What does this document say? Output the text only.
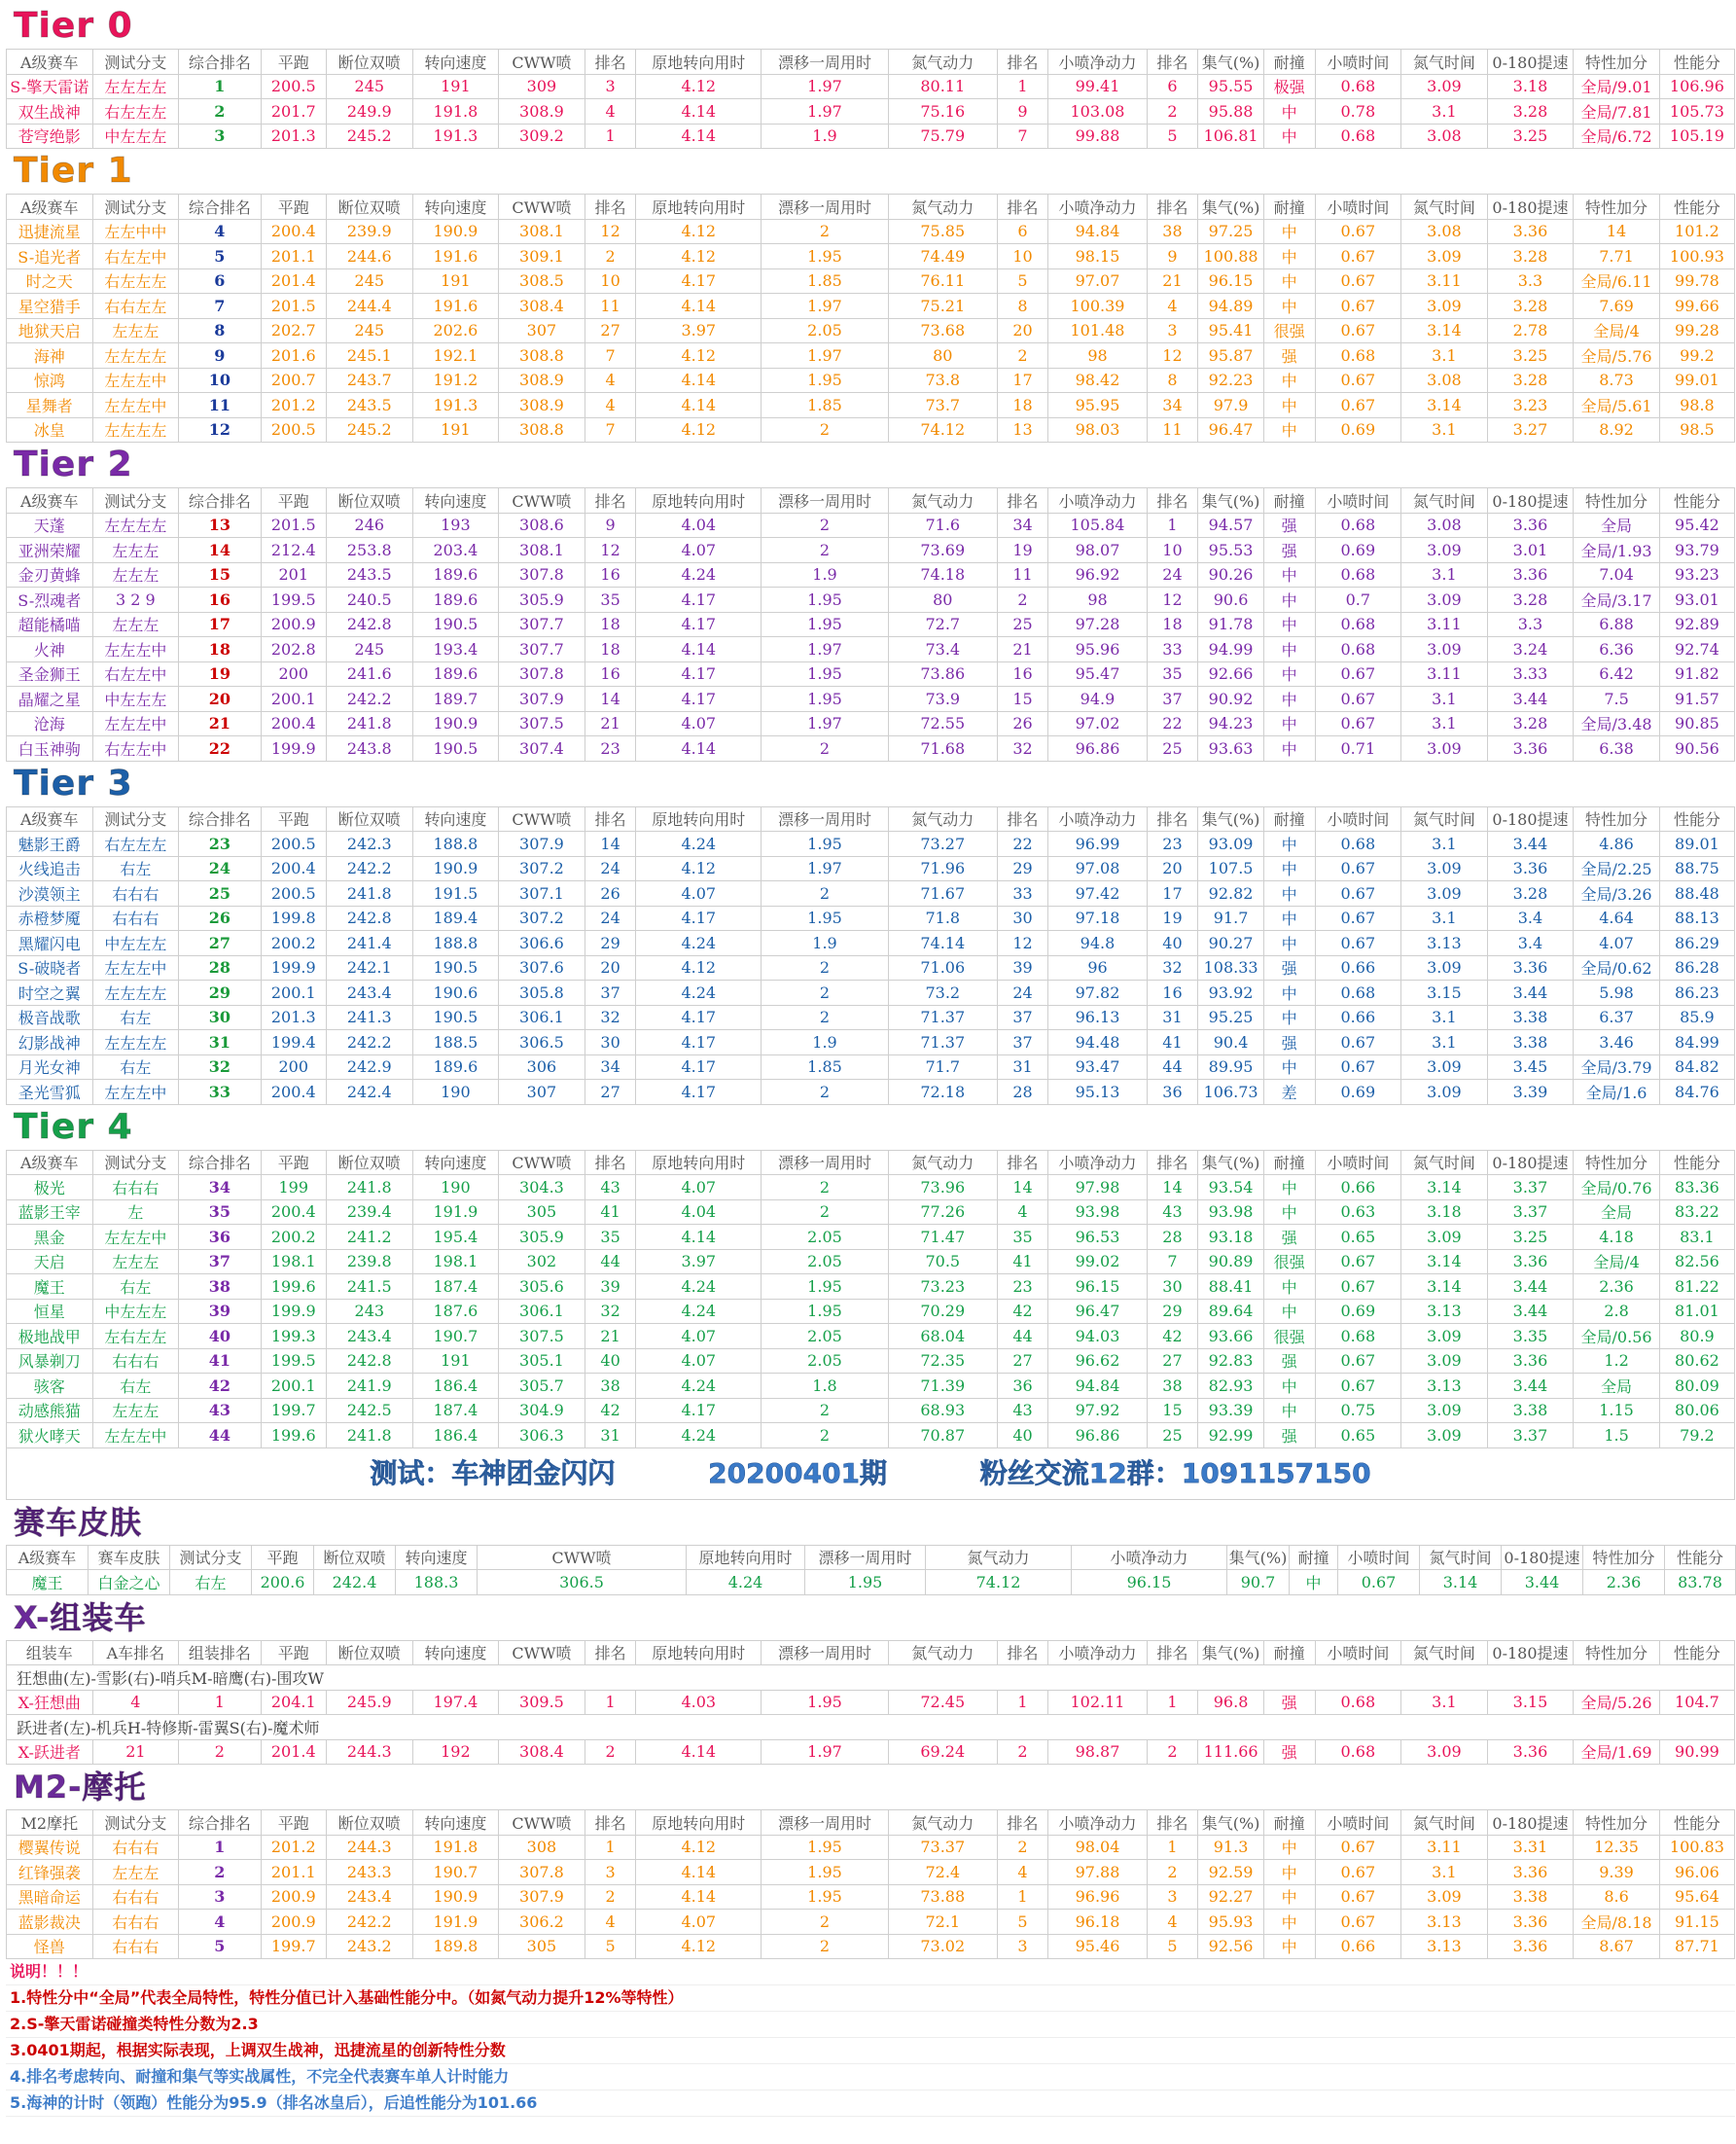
Tier 0
A级赛车	测试分支	综合排名	平跑	断位双喷	转向速度	CWW喷	排名	原地转向用时	漂移一周用时	氮气动力	排名	小喷净动力	排名	集气(%)	耐撞	小喷时间	氮气时间	0-180提速	特性加分	性能分
S-擎天雷诺	左左左左	1	200.5	245	191	309	3	4.12	1.97	80.11	1	99.41	6	95.55	极强	0.68	3.09	3.18	全局/9.01	106.96
双生战神	右左左左	2	201.7	249.9	191.8	308.9	4	4.14	1.97	75.16	9	103.08	2	95.88	中	0.78	3.1	3.28	全局/7.81	105.73
苍穹绝影	中左左左	3	201.3	245.2	191.3	309.2	1	4.14	1.9	75.79	7	99.88	5	106.81	中	0.68	3.08	3.25	全局/6.72	105.19
Tier 1
A级赛车	测试分支	综合排名	平跑	断位双喷	转向速度	CWW喷	排名	原地转向用时	漂移一周用时	氮气动力	排名	小喷净动力	排名	集气(%)	耐撞	小喷时间	氮气时间	0-180提速	特性加分	性能分
迅捷流星	左左中中	4	200.4	239.9	190.9	308.1	12	4.12	2	75.85	6	94.84	38	97.25	中	0.67	3.08	3.36	14	101.2
S-追光者	右左左中	5	201.1	244.6	191.6	309.1	2	4.12	1.95	74.49	10	98.15	9	100.88	中	0.67	3.09	3.28	7.71	100.93
时之天	右左左左	6	201.4	245	191	308.5	10	4.17	1.85	76.11	5	97.07	21	96.15	中	0.67	3.11	3.3	全局/6.11	99.78
星空猎手	右右左左	7	201.5	244.4	191.6	308.4	11	4.14	1.97	75.21	8	100.39	4	94.89	中	0.67	3.09	3.28	7.69	99.66
地狱天启	左左左	8	202.7	245	202.6	307	27	3.97	2.05	73.68	20	101.48	3	95.41	很强	0.67	3.14	2.78	全局/4	99.28
海神	左左左左	9	201.6	245.1	192.1	308.8	7	4.12	1.97	80	2	98	12	95.87	强	0.68	3.1	3.25	全局/5.76	99.2
惊鸿	左左左中	10	200.7	243.7	191.2	308.9	4	4.14	1.95	73.8	17	98.42	8	92.23	中	0.67	3.08	3.28	8.73	99.01
星舞者	左左左中	11	201.2	243.5	191.3	308.9	4	4.14	1.85	73.7	18	95.95	34	97.9	中	0.67	3.14	3.23	全局/5.61	98.8
冰皇	左左左左	12	200.5	245.2	191	308.8	7	4.12	2	74.12	13	98.03	11	96.47	中	0.69	3.1	3.27	8.92	98.5
Tier 2
A级赛车	测试分支	综合排名	平跑	断位双喷	转向速度	CWW喷	排名	原地转向用时	漂移一周用时	氮气动力	排名	小喷净动力	排名	集气(%)	耐撞	小喷时间	氮气时间	0-180提速	特性加分	性能分
天蓬	左左左左	13	201.5	246	193	308.6	9	4.04	2	71.6	34	105.84	1	94.57	强	0.68	3.08	3.36	全局	95.42
亚洲荣耀	左左左	14	212.4	253.8	203.4	308.1	12	4.07	2	73.69	19	98.07	10	95.53	强	0.69	3.09	3.01	全局/1.93	93.79
金刃黄蜂	左左左	15	201	243.5	189.6	307.8	16	4.24	1.9	74.18	11	96.92	24	90.26	中	0.68	3.1	3.36	7.04	93.23
S-烈魂者	3 2 9	16	199.5	240.5	189.6	305.9	35	4.17	1.95	80	2	98	12	90.6	中	0.7	3.09	3.28	全局/3.17	93.01
超能橘喵	左左左	17	200.9	242.8	190.5	307.7	18	4.17	1.95	72.7	25	97.28	18	91.78	中	0.68	3.11	3.3	6.88	92.89
火神	左左左中	18	202.8	245	193.4	307.7	18	4.14	1.97	73.4	21	95.96	33	94.99	中	0.68	3.09	3.24	6.36	92.74
圣金狮王	右左左中	19	200	241.6	189.6	307.8	16	4.17	1.95	73.86	16	95.47	35	92.66	中	0.67	3.11	3.33	6.42	91.82
晶耀之星	中左左左	20	200.1	242.2	189.7	307.9	14	4.17	1.95	73.9	15	94.9	37	90.92	中	0.67	3.1	3.44	7.5	91.57
沧海	左左左中	21	200.4	241.8	190.9	307.5	21	4.07	1.97	72.55	26	97.02	22	94.23	中	0.67	3.1	3.28	全局/3.48	90.85
白玉神驹	右左左中	22	199.9	243.8	190.5	307.4	23	4.14	2	71.68	32	96.86	25	93.63	中	0.71	3.09	3.36	6.38	90.56
Tier 3
A级赛车	测试分支	综合排名	平跑	断位双喷	转向速度	CWW喷	排名	原地转向用时	漂移一周用时	氮气动力	排名	小喷净动力	排名	集气(%)	耐撞	小喷时间	氮气时间	0-180提速	特性加分	性能分
魅影王爵	右左左左	23	200.5	242.3	188.8	307.9	14	4.24	1.95	73.27	22	96.99	23	93.09	中	0.68	3.1	3.44	4.86	89.01
火线追击	右左	24	200.4	242.2	190.9	307.2	24	4.12	1.97	71.96	29	97.08	20	107.5	中	0.67	3.09	3.36	全局/2.25	88.75
沙漠领主	右右右	25	200.5	241.8	191.5	307.1	26	4.07	2	71.67	33	97.42	17	92.82	中	0.67	3.09	3.28	全局/3.26	88.48
赤橙梦魇	右右右	26	199.8	242.8	189.4	307.2	24	4.17	1.95	71.8	30	97.18	19	91.7	中	0.67	3.1	3.4	4.64	88.13
黑耀闪电	中左左左	27	200.2	241.4	188.8	306.6	29	4.24	1.9	74.14	12	94.8	40	90.27	中	0.67	3.13	3.4	4.07	86.29
S-破晓者	左左左中	28	199.9	242.1	190.5	307.6	20	4.12	2	71.06	39	96	32	108.33	强	0.66	3.09	3.36	全局/0.62	86.28
时空之翼	左左左左	29	200.1	243.4	190.6	305.8	37	4.24	2	73.2	24	97.82	16	93.92	中	0.68	3.15	3.44	5.98	86.23
极音战歌	右左	30	201.3	241.3	190.5	306.1	32	4.17	2	71.37	37	96.13	31	95.25	中	0.66	3.1	3.38	6.37	85.9
幻影战神	左左左左	31	199.4	242.2	188.5	306.5	30	4.17	1.9	71.37	37	94.48	41	90.4	强	0.67	3.1	3.38	3.46	84.99
月光女神	右左	32	200	242.9	189.6	306	34	4.17	1.85	71.7	31	93.47	44	89.95	中	0.67	3.09	3.45	全局/3.79	84.82
圣光雪狐	左左左中	33	200.4	242.4	190	307	27	4.17	2	72.18	28	95.13	36	106.73	差	0.69	3.09	3.39	全局/1.6	84.76
Tier 4
A级赛车	测试分支	综合排名	平跑	断位双喷	转向速度	CWW喷	排名	原地转向用时	漂移一周用时	氮气动力	排名	小喷净动力	排名	集气(%)	耐撞	小喷时间	氮气时间	0-180提速	特性加分	性能分
极光	右右右	34	199	241.8	190	304.3	43	4.07	2	73.96	14	97.98	14	93.54	中	0.66	3.14	3.37	全局/0.76	83.36
蓝影王宰	左	35	200.4	239.4	191.9	305	41	4.04	2	77.26	4	93.98	43	93.98	中	0.63	3.18	3.37	全局	83.22
黑金	左左左中	36	200.2	241.2	195.4	305.9	35	4.14	2.05	71.47	35	96.53	28	93.18	强	0.65	3.09	3.25	4.18	83.1
天启	左左左	37	198.1	239.8	198.1	302	44	3.97	2.05	70.5	41	99.02	7	90.89	很强	0.67	3.14	3.36	全局/4	82.56
魔王	右左	38	199.6	241.5	187.4	305.6	39	4.24	1.95	73.23	23	96.15	30	88.41	中	0.67	3.14	3.44	2.36	81.22
恒星	中左左左	39	199.9	243	187.6	306.1	32	4.24	1.95	70.29	42	96.47	29	89.64	中	0.69	3.13	3.44	2.8	81.01
极地战甲	左右左左	40	199.3	243.4	190.7	307.5	21	4.07	2.05	68.04	44	94.03	42	93.66	很强	0.68	3.09	3.35	全局/0.56	80.9
风暴剃刀	右右右	41	199.5	242.8	191	305.1	40	4.07	2.05	72.35	27	96.62	27	92.83	强	0.67	3.09	3.36	1.2	80.62
骇客	右左	42	200.1	241.9	186.4	305.7	38	4.24	1.8	71.39	36	94.84	38	82.93	中	0.67	3.13	3.44	全局	80.09
动感熊猫	左左左	43	199.7	242.5	187.4	304.9	42	4.17	2	68.93	43	97.92	15	93.39	中	0.75	3.09	3.38	1.15	80.06
狱火哮天	左左左中	44	199.6	241.8	186.4	306.3	31	4.24	2	70.87	40	96.86	25	92.99	强	0.65	3.09	3.37	1.5	79.2
测试：车神团金闪闪	20200401期	粉丝交流12群：1091157150
赛车皮肤
A级赛车	赛车皮肤	测试分支	平跑	断位双喷	转向速度	CWW喷	原地转向用时	漂移一周用时	氮气动力	小喷净动力	集气(%)	耐撞	小喷时间	氮气时间	0-180提速	特性加分	性能分
魔王	白金之心	右左	200.6	242.4	188.3	306.5	4.24	1.95	74.12	96.15	90.7	中	0.67	3.14	3.44	2.36	83.78
X-组装车
组装车	A车排名	组装排名	平跑	断位双喷	转向速度	CWW喷	排名	原地转向用时	漂移一周用时	氮气动力	排名	小喷净动力	排名	集气(%)	耐撞	小喷时间	氮气时间	0-180提速	特性加分	性能分
狂想曲(左)-雪影(右)-哨兵M-暗鹰(右)-围攻W																				
X-狂想曲	4	1	204.1	245.9	197.4	309.5	1	4.03	1.95	72.45	1	102.11	1	96.8	强	0.68	3.1	3.15	全局/5.26	104.7
跃进者(左)-机兵H-特修斯-雷翼S(右)-魔术师																				
X-跃进者	21	2	201.4	244.3	192	308.4	2	4.14	1.97	69.24	2	98.87	2	111.66	强	0.68	3.09	3.36	全局/1.69	90.99
M2-摩托
M2摩托	测试分支	综合排名	平跑	断位双喷	转向速度	CWW喷	排名	原地转向用时	漂移一周用时	氮气动力	排名	小喷净动力	排名	集气(%)	耐撞	小喷时间	氮气时间	0-180提速	特性加分	性能分
樱翼传说	右右右	1	201.2	244.3	191.8	308	1	4.12	1.95	73.37	2	98.04	1	91.3	中	0.67	3.11	3.31	12.35	100.83
红锋强袭	左左左	2	201.1	243.3	190.7	307.8	3	4.14	1.95	72.4	4	97.88	2	92.59	中	0.67	3.1	3.36	9.39	96.06
黑暗命运	右右右	3	200.9	243.4	190.9	307.9	2	4.14	1.95	73.88	1	96.96	3	92.27	中	0.67	3.09	3.38	8.6	95.64
蓝影裁决	右右右	4	200.9	242.2	191.9	306.2	4	4.07	2	72.1	5	96.18	4	95.93	中	0.67	3.13	3.36	全局/8.18	91.15
怪兽	右右右	5	199.7	243.2	189.8	305	5	4.12	2	73.02	3	95.46	5	92.56	中	0.66	3.13	3.36	8.67	87.71
说明！！！
1.特性分中“全局”代表全局特性，特性分值已计入基础性能分中。（如氮气动力提升12%等特性）
2.S-擎天雷诺碰撞类特性分数为2.3
3.0401期起，根据实际表现，上调双生战神，迅捷流星的创新特性分数
4.排名考虑转向、耐撞和集气等实战属性，不完全代表赛车单人计时能力
5.海神的计时（领跑）性能分为95.9（排名冰皇后），后追性能分为101.66
